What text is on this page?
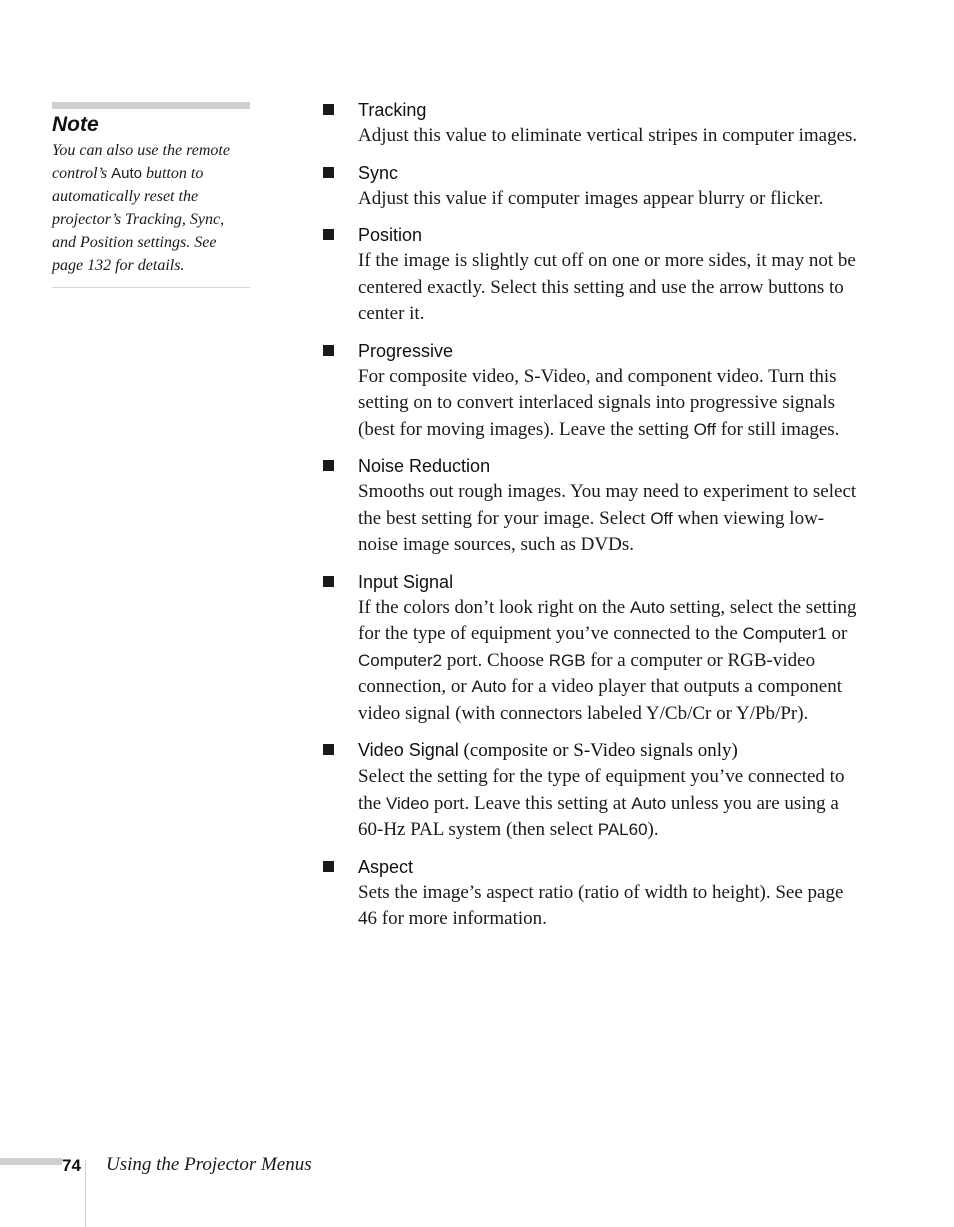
Note
You can also use the remote control’s Auto button to automatically reset the projector’s Tracking, Sync, and Position settings. See page 132 for details.
Tracking
Adjust this value to eliminate vertical stripes in computer images.
Sync
Adjust this value if computer images appear blurry or flicker.
Position
If the image is slightly cut off on one or more sides, it may not be centered exactly. Select this setting and use the arrow buttons to center it.
Progressive
For composite video, S-Video, and component video. Turn this setting on to convert interlaced signals into progressive signals (best for moving images). Leave the setting Off for still images.
Noise Reduction
Smooths out rough images. You may need to experiment to select the best setting for your image. Select Off when viewing low-noise image sources, such as DVDs.
Input Signal
If the colors don’t look right on the Auto setting, select the setting for the type of equipment you’ve connected to the Computer1 or Computer2 port. Choose RGB for a computer or RGB-video connection, or Auto for a video player that outputs a component video signal (with connectors labeled Y/Cb/Cr or Y/Pb/Pr).
Video Signal (composite or S-Video signals only)
Select the setting for the type of equipment you’ve connected to the Video port. Leave this setting at Auto unless you are using a 60-Hz PAL system (then select PAL60).
Aspect
Sets the image’s aspect ratio (ratio of width to height). See page 46 for more information.
74 Using the Projector Menus
